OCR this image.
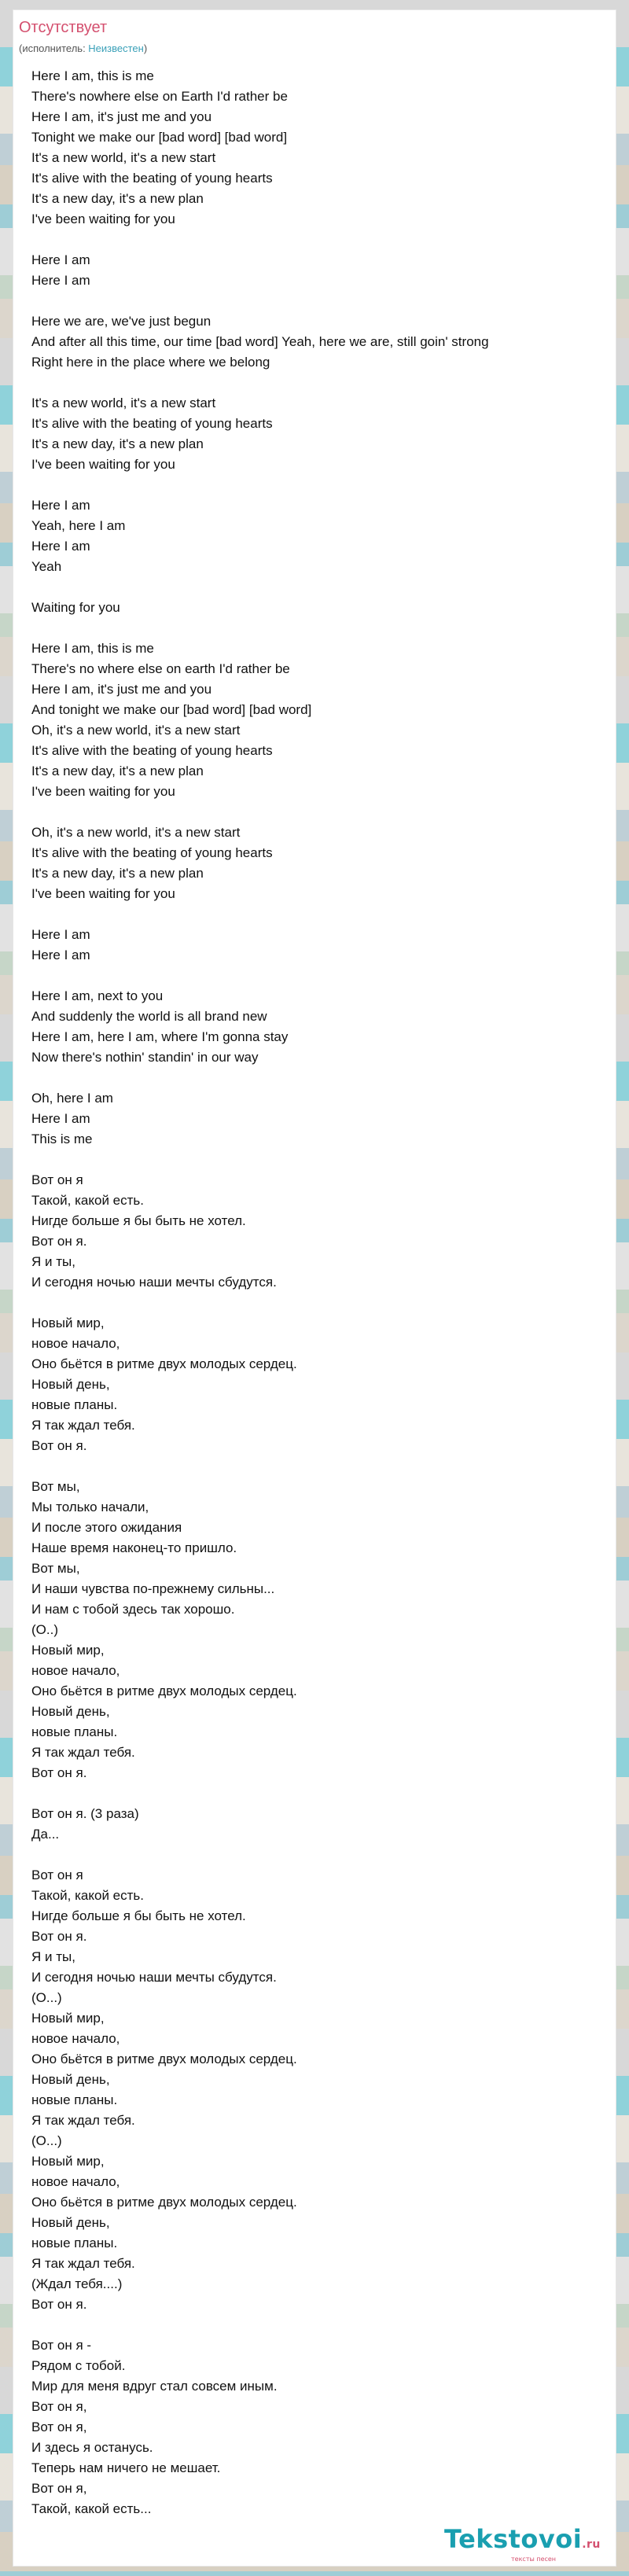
Отсутствует
(исполнитель: Неизвестен)
Here I am, this is me
There's nowhere else on Earth I'd rather be
Here I am, it's just me and you
Tonight we make our [bad word] [bad word]
It's a new world, it's a new start
It's alive with the beating of young hearts
It's a new day, it's a new plan
I've been waiting for you

Here I am
Here I am

Here we are, we've just begun
And after all this time, our time [bad word] Yeah, here we are, still goin' strong
Right here in the place where we belong

It's a new world, it's a new start
It's alive with the beating of young hearts
It's a new day, it's a new plan
I've been waiting for you

Here I am
Yeah, here I am
Here I am
Yeah

Waiting for you

Here I am, this is me
There's no where else on earth I'd rather be
Here I am, it's just me and you
And tonight we make our [bad word] [bad word]
Oh, it's a new world, it's a new start
It's alive with the beating of young hearts
It's a new day, it's a new plan
I've been waiting for you

Oh, it's a new world, it's a new start
It's alive with the beating of young hearts
It's a new day, it's a new plan
I've been waiting for you

Here I am
Here I am

Here I am, next to you
And suddenly the world is all brand new
Here I am, here I am, where I'm gonna stay
Now there's nothin' standin' in our way

Oh, here I am
Here I am
This is me

Вот он я
Такой, какой есть.
Нигде больше я бы быть не хотел.
Вот он я.
Я и ты,
И сегодня ночью наши мечты сбудутся.

Новый мир,
новое начало,
Оно бьётся в ритме двух молодых сердец.
Новый день,
новые планы.
Я так ждал тебя.
Вот он я.

Вот мы,
Мы только начали,
И после этого ожидания
Наше время наконец-то пришло.
Вот мы,
И наши чувства по-прежнему сильны...
И нам с тобой здесь так хорошо.
(О..)
Новый мир,
новое начало,
Оно бьётся в ритме двух молодых сердец.
Новый день,
новые планы.
Я так ждал тебя.
Вот он я.

Вот он я. (3 раза)
Да...

Вот он я
Такой, какой есть.
Нигде больше я бы быть не хотел.
Вот он я.
Я и ты,
И сегодня ночью наши мечты сбудутся.
(О...)
Новый мир,
новое начало,
Оно бьётся в ритме двух молодых сердец.
Новый день,
новые планы.
Я так ждал тебя.
(О...)
Новый мир,
новое начало,
Оно бьётся в ритме двух молодых сердец.
Новый день,
новые планы.
Я так ждал тебя.
(Ждал тебя....)
Вот он я.

Вот он я -
Рядом с тобой.
Мир для меня вдруг стал совсем иным.
Вот он я,
Вот он я,
И здесь я останусь.
Теперь нам ничего не мешает.
Вот он я,
Такой, какой есть...
Tekstovoi.ru
тексты песен
